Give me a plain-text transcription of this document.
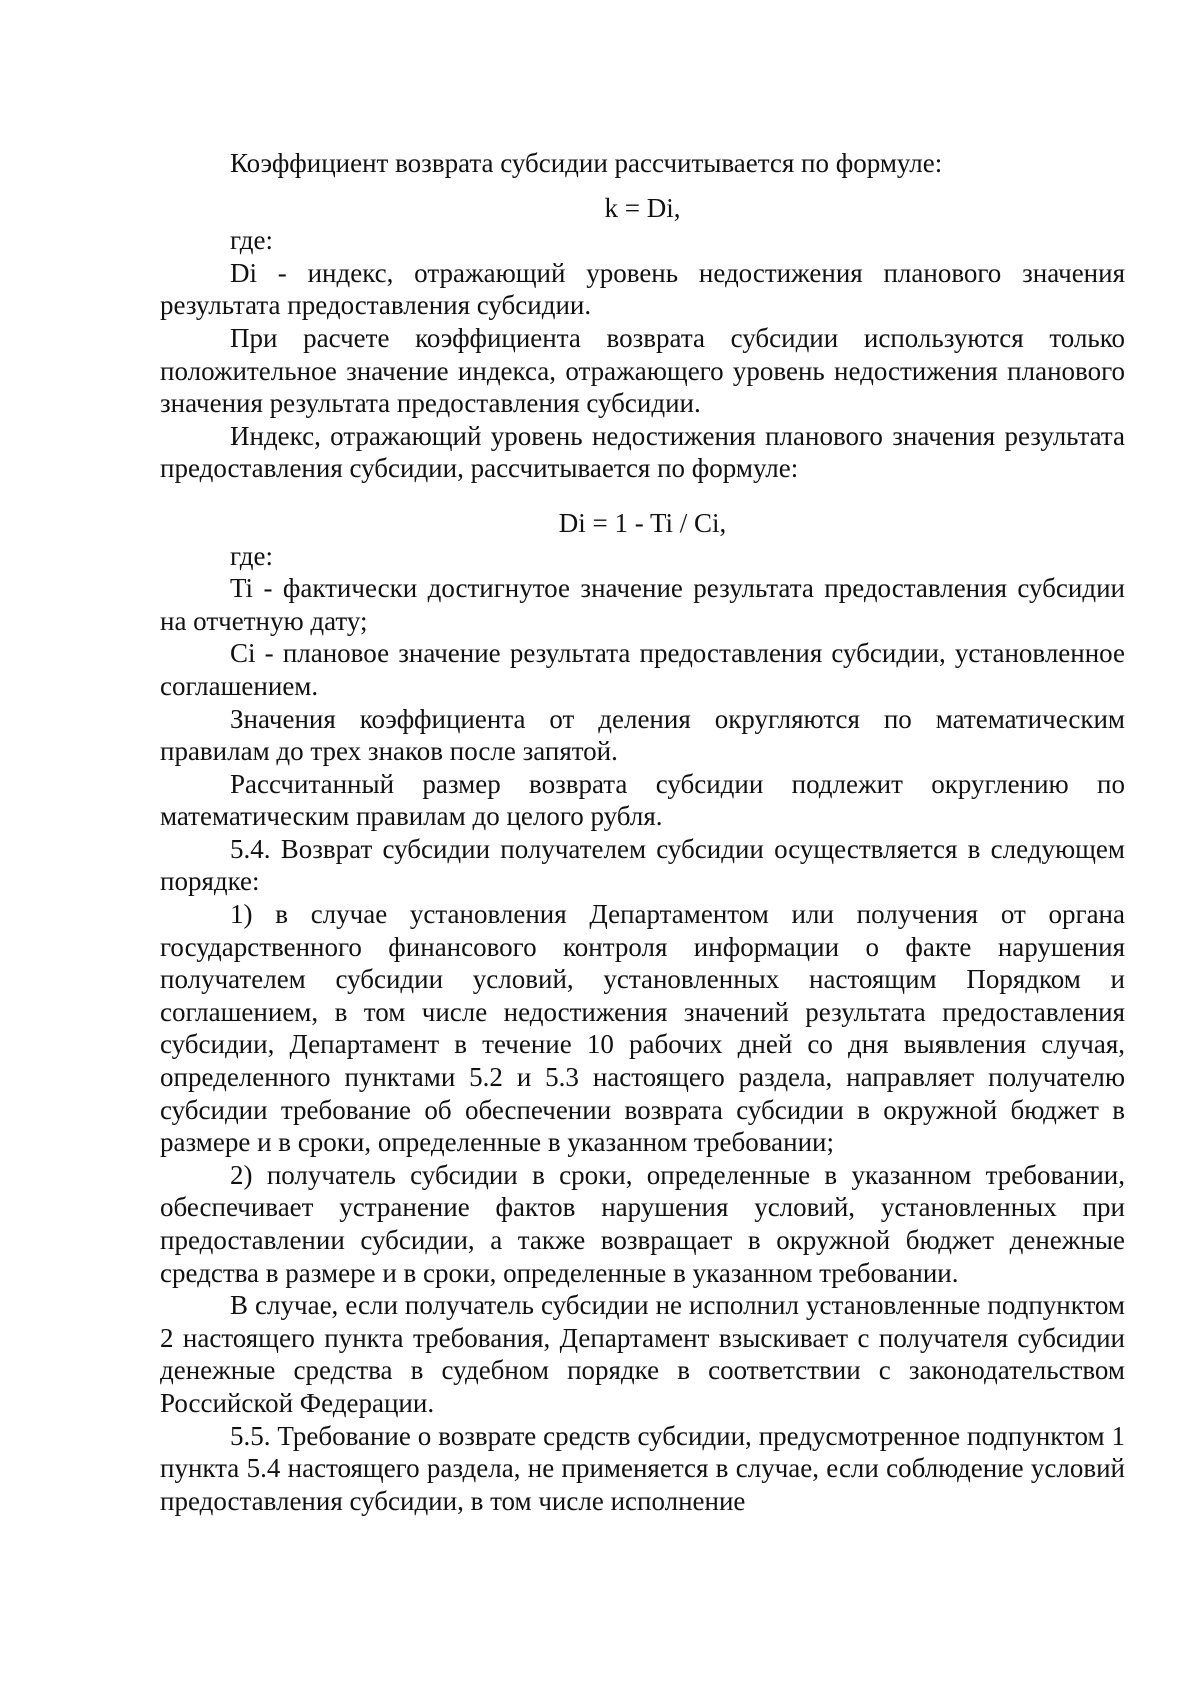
Коэффициент возврата субсидии рассчитывается по формуле:

k = Di,

где:

Di - индекс, отражающий уровень недостижения планового значения результата предоставления субсидии.

При расчете коэффициента возврата субсидии используются только положительное значение индекса, отражающего уровень недостижения планового значения результата предоставления субсидии.

Индекс, отражающий уровень недостижения планового значения результата предоставления субсидии, рассчитывается по формуле:

Di = 1 - Ti / Ci,

где:

Ti - фактически достигнутое значение результата предоставления субсидии на отчетную дату;

Ci - плановое значение результата предоставления субсидии, установленное соглашением.

Значения коэффициента от деления округляются по математическим правилам до трех знаков после запятой.

Рассчитанный размер возврата субсидии подлежит округлению по математическим правилам до целого рубля.

5.4. Возврат субсидии получателем субсидии осуществляется в следующем порядке:

1) в случае установления Департаментом или получения от органа государственного финансового контроля информации о факте нарушения получателем субсидии условий, установленных настоящим Порядком и соглашением, в том числе недостижения значений результата предоставления субсидии, Департамент в течение 10 рабочих дней со дня выявления случая, определенного пунктами 5.2 и 5.3 настоящего раздела, направляет получателю субсидии требование об обеспечении возврата субсидии в окружной бюджет в размере и в сроки, определенные в указанном требовании;

2) получатель субсидии в сроки, определенные в указанном требовании, обеспечивает устранение фактов нарушения условий, установленных при предоставлении субсидии, а также возвращает в окружной бюджет денежные средства в размере и в сроки, определенные в указанном требовании.

В случае, если получатель субсидии не исполнил установленные подпунктом 2 настоящего пункта требования, Департамент взыскивает с получателя субсидии денежные средства в судебном порядке в соответствии с законодательством Российской Федерации.

5.5. Требование о возврате средств субсидии, предусмотренное подпунктом 1 пункта 5.4 настоящего раздела, не применяется в случае, если соблюдение условий предоставления субсидии, в том числе исполнение
